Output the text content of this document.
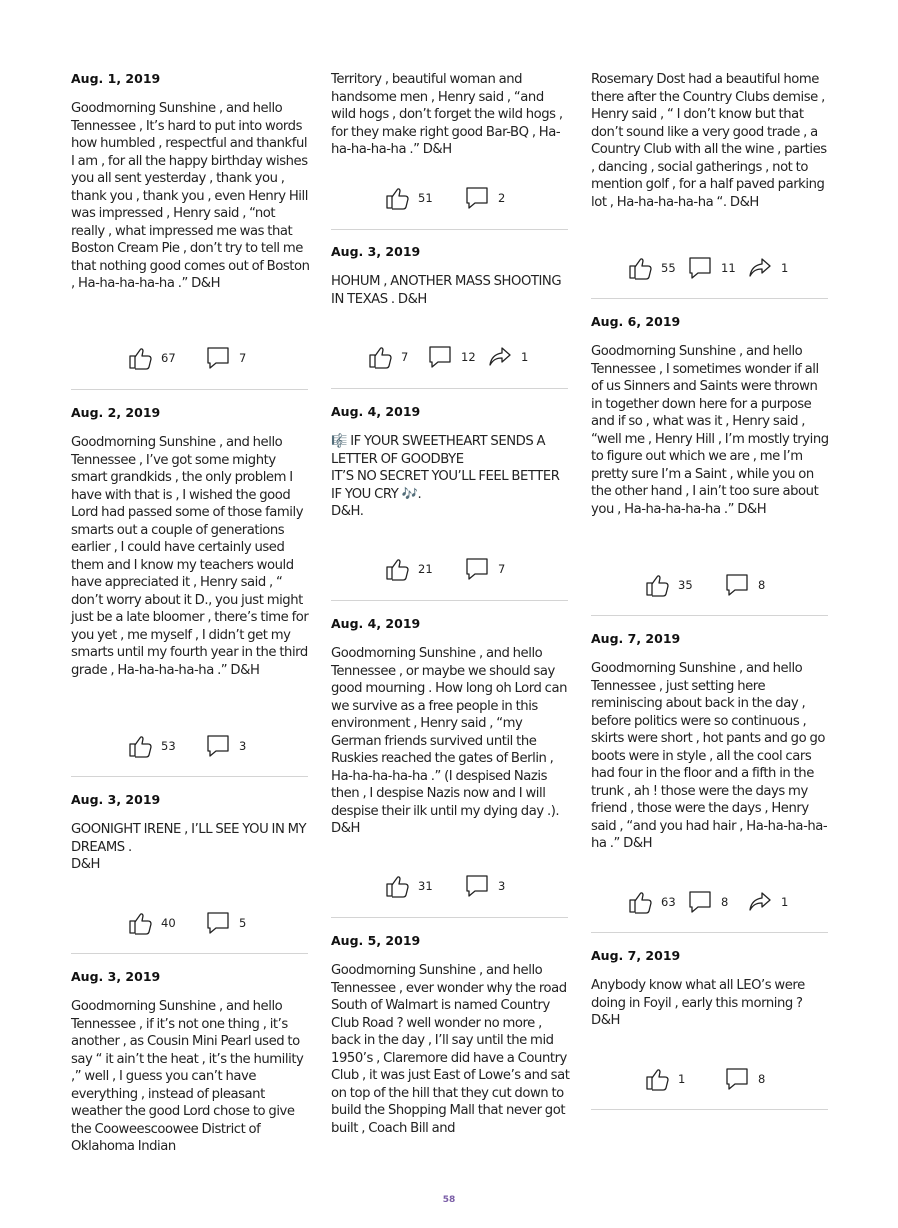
Aug. 1, 2019
Goodmorning Sunshine , and hello Tennessee , It’s hard to put into words how humbled , respectful and thankful I am , for all the happy birthday wishes you all sent yesterday , thank you , thank you , thank you , even Henry Hill was impressed , Henry said , “not really , what impressed me was that Boston Cream Pie , don’t try to tell me that nothing good comes out of Boston , Ha-ha-ha-ha-ha .” D&H
67	7
Aug. 2, 2019
Goodmorning Sunshine , and hello Tennessee , I’ve got some mighty smart grandkids , the only problem I have with that is , I wished the good Lord had passed some of those family smarts out a couple of generations earlier , I could have certainly used them and I know my teachers would have appreciated it , Henry said , “ don’t worry about it D., you just might just be a late bloomer , there’s time for you yet , me myself , I didn’t get my smarts until my fourth year in the third grade , Ha-ha-ha-ha-ha .” D&H
53	3
Aug. 3, 2019
GOONIGHT IRENE , I’LL SEE YOU IN MY DREAMS .
D&H
40	5
Aug. 3, 2019
Goodmorning Sunshine , and hello Tennessee , if it’s not one thing , it’s another , as Cousin Mini Pearl used to say “ it ain’t the heat , it’s the humility ,” well , I guess you can’t have everything , instead of pleasant weather the good Lord chose to give the Cooweescoowee District of Oklahoma Indian
Territory , beautiful woman and handsome men , Henry said , “and wild hogs , don’t forget the wild hogs , for they make right good Bar-BQ , Ha-ha-ha-ha-ha .” D&H
51	2
Aug. 3, 2019
HOHUM , ANOTHER MASS SHOOTING IN TEXAS . D&H
7	12	1
Aug. 4, 2019
🎼 IF YOUR SWEETHEART SENDS A LETTER OF GOODBYE
IT’S NO SECRET YOU’LL FEEL BETTER IF YOU CRY 🎶.
D&H.
21	7
Aug. 4, 2019
Goodmorning Sunshine , and hello Tennessee , or maybe we should say good mourning . How long oh Lord can we survive as a free people in this environment , Henry said , “my German friends survived until the Ruskies reached the gates of Berlin , Ha-ha-ha-ha-ha .” (I despised Nazis then , I despise Nazis now and I will despise their ilk until my dying day .). D&H
31	3
Aug. 5, 2019
Goodmorning Sunshine , and hello Tennessee , ever wonder why the road South of Walmart is named Country Club Road ? well wonder no more , back in the day , I’ll say until the mid 1950’s , Claremore did have a Country Club , it was just East of Lowe’s and sat on top of the hill that they cut down to build the Shopping Mall that never got built , Coach Bill and
Rosemary Dost had a beautiful home there after the Country Clubs demise , Henry said , “ I don’t know but that don’t sound like a very good trade , a Country Club with all the wine , parties , dancing , social gatherings , not to mention golf , for a half paved parking lot , Ha-ha-ha-ha-ha “. D&H
55	11	1
Aug. 6, 2019
Goodmorning Sunshine , and hello Tennessee , I sometimes wonder if all of us Sinners and Saints were thrown in together down here for a purpose and if so , what was it , Henry said , “well me , Henry Hill , I’m mostly trying to figure out which we are , me I’m pretty sure I’m a Saint , while you on the other hand , I ain’t too sure about you , Ha-ha-ha-ha-ha .” D&H
35	8
Aug. 7, 2019
Goodmorning Sunshine , and hello Tennessee , just setting here reminiscing about back in the day , before politics were so continuous , skirts were short , hot pants and go go boots were in style , all the cool cars had four in the floor and a fifth in the trunk , ah ! those were the days my friend , those were the days , Henry said , “and you had hair , Ha-ha-ha-ha-ha .” D&H
63	8	1
Aug. 7, 2019
Anybody know what all LEO’s were doing in Foyil , early this morning ?
D&H
1	8
58
